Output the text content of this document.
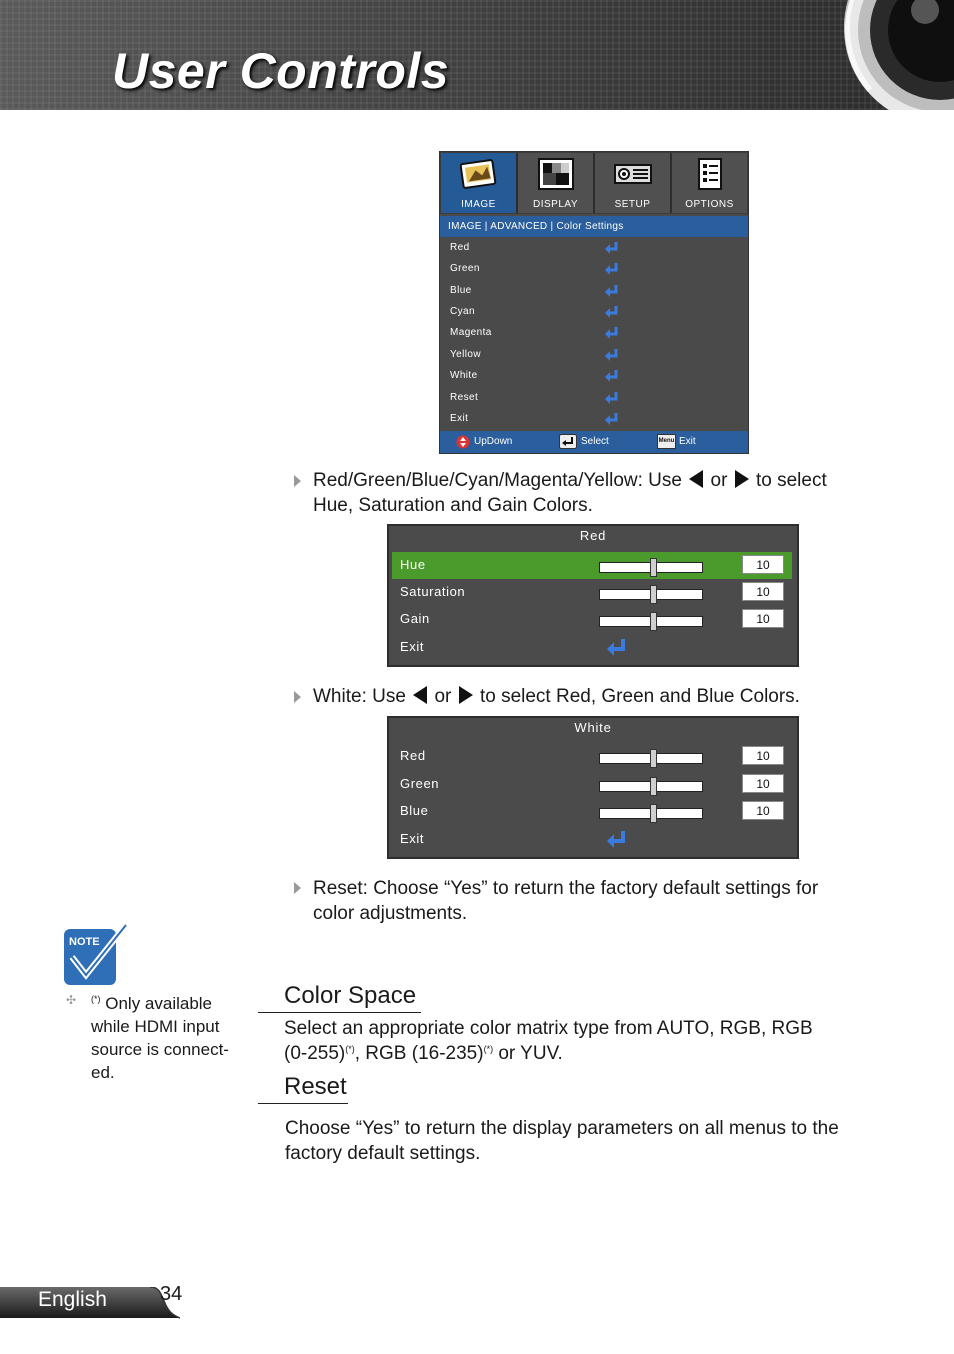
User Controls
IMAGE	DISPLAY	SETUP	OPTIONS
IMAGE | ADVANCED | Color Settings
Red
Green
Blue
Cyan
Magenta
Yellow
White
Reset
Exit
UpDown	Select	Menu Exit
Red/Green/Blue/Cyan/Magenta/Yellow: Use or to select
Hue, Saturation and Gain Colors.
Red
Hue	10
Saturation	10
Gain	10
Exit
White: Use or to select Red, Green and Blue Colors.
White
Red	10
Green	10
Blue	10
Exit
Reset: Choose “Yes” to return the factory default settings for
color adjustments.
NOTE
✣ (*) Only available
while HDMI input
source is connect-
ed.
Color Space
Select an appropriate color matrix type from AUTO, RGB, RGB
(0-255)(*), RGB (16-235)(*) or YUV.
Reset
Choose “Yes” to return the display parameters on all menus to the
factory default settings.
English	34
